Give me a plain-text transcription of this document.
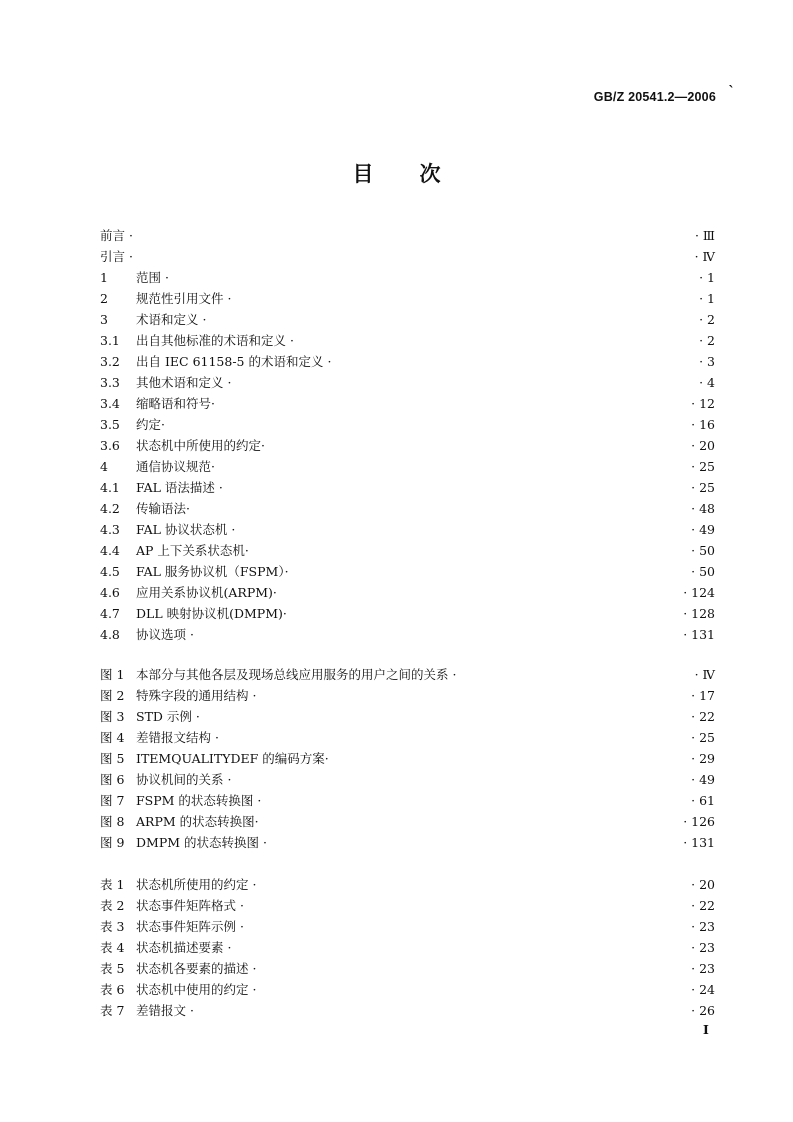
GB/Z 20541.2—2006 `
目次
前言 ·	· Ⅲ
引言 ·	· Ⅳ
1 范围 ·	· 1
2 规范性引用文件 ·	· 1
3 术语和定义 ·	· 2
3.1 出自其他标准的术语和定义 ·	· 2
3.2 出自 IEC 61158-5 的术语和定义 ·	· 3
3.3 其他术语和定义 ·	· 4
3.4 缩略语和符号·	· 12
3.5 约定·	· 16
3.6 状态机中所使用的约定·	· 20
4 通信协议规范·	· 25
4.1 FAL 语法描述 ·	· 25
4.2 传输语法·	· 48
4.3 FAL 协议状态机 ·	· 49
4.4 AP 上下关系状态机·	· 50
4.5 FAL 服务协议机（FSPM）·	· 50
4.6 应用关系协议机(ARPM)·	· 124
4.7 DLL 映射协议机(DMPM)·	· 128
4.8 协议选项 ·	· 131
图 1 本部分与其他各层及现场总线应用服务的用户之间的关系 ·	· Ⅳ
图 2 特殊字段的通用结构 ·	· 17
图 3 STD 示例 ·	· 22
图 4 差错报文结构 ·	· 25
图 5 ITEMQUALITYDEF 的编码方案·	· 29
图 6 协议机间的关系 ·	· 49
图 7 FSPM 的状态转换图 ·	· 61
图 8 ARPM 的状态转换图·	· 126
图 9 DMPM 的状态转换图 ·	· 131
表 1 状态机所使用的约定 ·	· 20
表 2 状态事件矩阵格式 ·	· 22
表 3 状态事件矩阵示例 ·	· 23
表 4 状态机描述要素 ·	· 23
表 5 状态机各要素的描述 ·	· 23
表 6 状态机中使用的约定 ·	· 24
表 7 差错报文 ·	· 26
I
